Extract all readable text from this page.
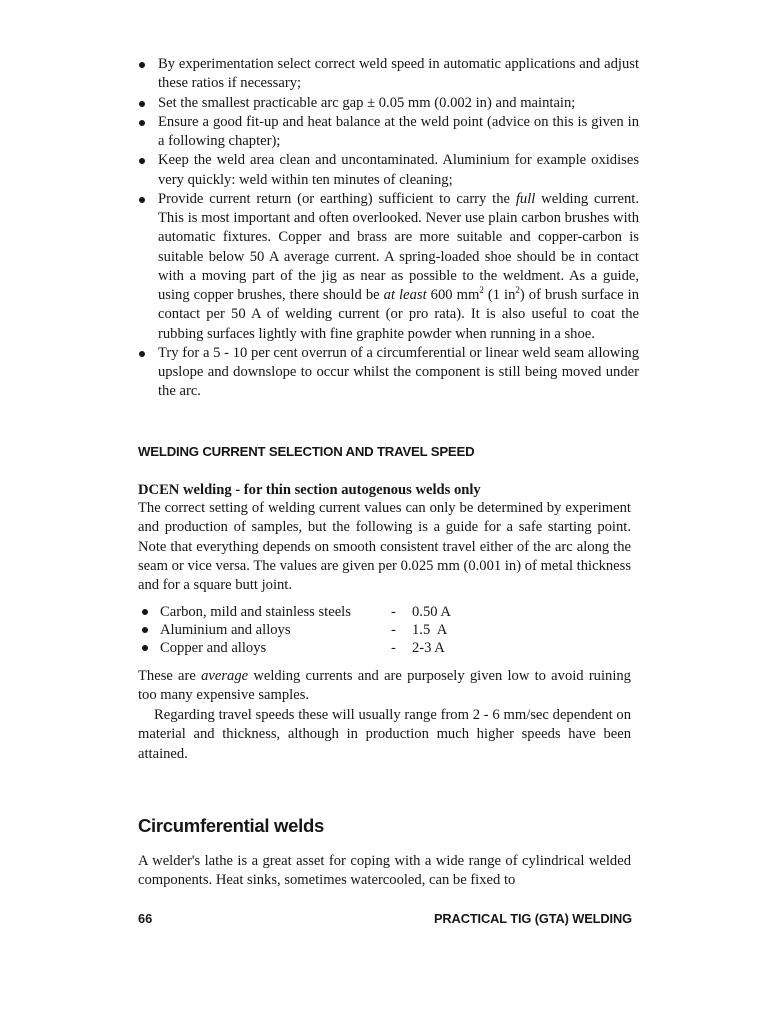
By experimentation select correct weld speed in automatic applications and adjust these ratios if necessary;
Set the smallest practicable arc gap ± 0.05 mm (0.002 in) and maintain;
Ensure a good fit-up and heat balance at the weld point (advice on this is given in a following chapter);
Keep the weld area clean and uncontaminated. Aluminium for example oxidises very quickly: weld within ten minutes of cleaning;
Provide current return (or earthing) sufficient to carry the full welding current. This is most important and often overlooked. Never use plain carbon brushes with automatic fixtures. Copper and brass are more suitable and copper-carbon is suitable below 50 A average current. A spring-loaded shoe should be in contact with a moving part of the jig as near as possible to the weldment. As a guide, using copper brushes, there should be at least 600 $mm^2$ (1 $in^2$) of brush surface in contact per 50 A of welding current (or pro rata). It is also useful to coat the rubbing surfaces lightly with fine graphite powder when running in a shoe.
Try for a 5 - 10 per cent overrun of a circumferential or linear weld seam allowing upslope and downslope to occur whilst the component is still being moved under the arc.
WELDING CURRENT SELECTION AND TRAVEL SPEED
DCEN welding - for thin section autogenous welds only

The correct setting of welding current values can only be determined by experiment and production of samples, but the following is a guide for a safe starting point. Note that everything depends on smooth consistent travel either of the arc along the seam or vice versa. The values are given per 0.025 mm (0.001 in) of metal thickness and for a square butt joint.

Carbon, mild and stainless steels	- 0.50 A
Aluminium and alloys	- 1.5  A
Copper and alloys	- 2-3 A

These are average welding currents and are purposely given low to avoid ruining too many expensive samples.

Regarding travel speeds these will usually range from 2 - 6 mm/sec dependent on material and thickness, although in production much higher speeds have been attained.

Circumferential welds

A welder's lathe is a great asset for coping with a wide range of cylindrical welded components. Heat sinks, sometimes watercooled, can be fixed to

66	PRACTICAL TIG (GTA) WELDING
